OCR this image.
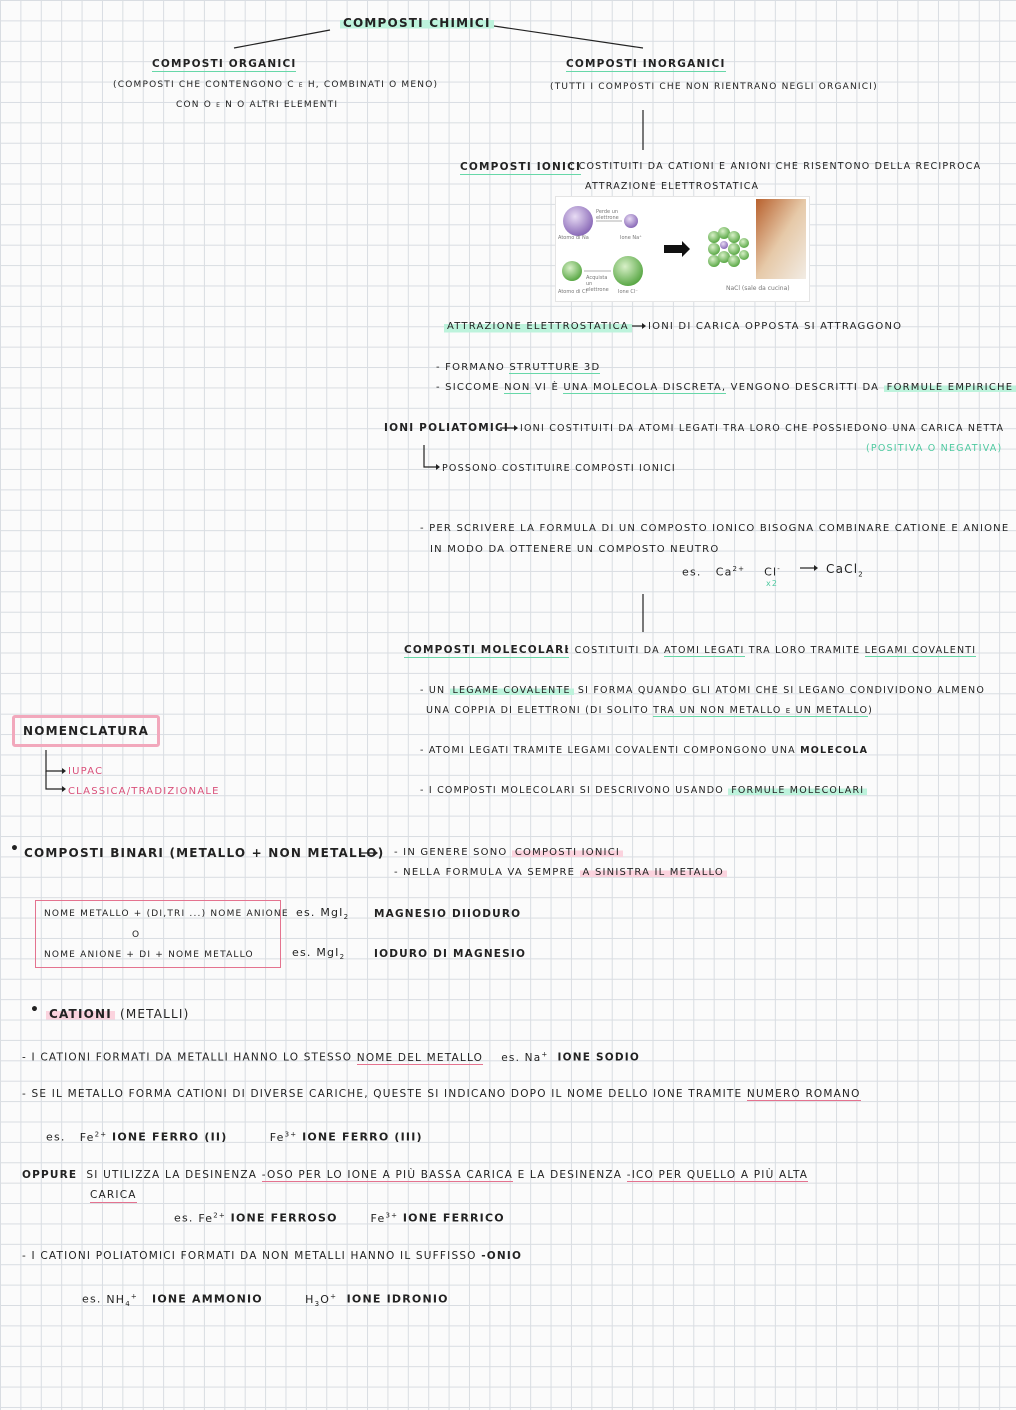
COMPOSTI CHIMICI
COMPOSTI ORGANICI
(COMPOSTI CHE CONTENGONO C e H, COMBINATI O MENO)
CON O e N O ALTRI ELEMENTI
COMPOSTI INORGANICI
(TUTTI I COMPOSTI CHE NON RIENTRANO NEGLI ORGANICI)
COMPOSTI IONICI
: COSTITUITI DA CATIONI E ANIONI CHE RISENTONO DELLA RECIPROCA
ATTRAZIONE ELETTROSTATICA
Atomo di Na	Ione Na⁺
Perde un elettrone
Atomo di Cl	Ione Cl⁻
Acquista un elettrone	NaCl (sale da cucina)
ATTRAZIONE ELETTROSTATICA	IONI DI CARICA OPPOSTA SI ATTRAGGONO
- FORMANO STRUTTURE 3D
- SICCOME NON VI È UNA MOLECOLA DISCRETA, VENGONO DESCRITTI DA FORMULE EMPIRICHE
IONI POLIATOMICI IONI COSTITUITI DA ATOMI LEGATI TRA LORO CHE POSSIEDONO UNA CARICA NETTA
(POSITIVA O NEGATIVA)
POSSONO COSTITUIRE COMPOSTI IONICI
- PER SCRIVERE LA FORMULA DI UN COMPOSTO IONICO BISOGNA COMBINARE CATIONE E ANIONE
IN MODO DA OTTENERE UN COMPOSTO NEUTRO
es. $Ca^{2+}$ Cl-
x2
CaCl$_2$
COMPOSTI MOLECOLARI
: COSTITUITI DA ATOMI LEGATI TRA LORO TRAMITE LEGAMI COVALENTI
- UN LEGAME COVALENTE SI FORMA QUANDO GLI ATOMI CHE SI LEGANO CONDIVIDONO ALMENO
UNA COPPIA DI ELETTRONI (DI SOLITO TRA UN NON METALLO e UN METALLO)
- ATOMI LEGATI TRAMITE LEGAMI COVALENTI COMPONGONO UNA MOLECOLA
- I COMPOSTI MOLECOLARI SI DESCRIVONO USANDO FORMULE MOLECOLARI
NOMENCLATURA
IUPAC
CLASSICA/TRADIZIONALE
• COMPOSTI BINARI (METALLO + NON METALLO) - IN GENERE SONO COMPOSTI IONICI
- NELLA FORMULA VA SEMPRE A SINISTRA IL METALLO
NOME METALLO + (DI,TRI ...) NOME ANIONE
O
NOME ANIONE + DI + NOME METALLO
es. MgI$_2$ MAGNESIO DIIODURO
es. MgI$_2$	IODURO DI MAGNESIO
• CATIONI (METALLI)
- I CATIONI FORMATI DA METALLI HANNO LO STESSO NOME DEL METALLO es. Na+ IONE SODIO
- SE IL METALLO FORMA CATIONI DI DIVERSE CARICHE, QUESTE SI INDICANO DOPO IL NOME DELLO IONE TRAMITE NUMERO ROMANO
es. $Fe^{2+}$ IONE FERRO (II)	$Fe^{3+}$ IONE FERRO (III)
OPPURE SI UTILIZZA LA DESINENZA -OSO PER LO IONE A PIÙ BASSA CARICA E LA DESINENZA -ICO PER QUELLO A PIÙ ALTA
CARICA
es. $Fe^{2+}$ IONE FERROSO	$Fe^{3+}$ IONE FERRICO
- I CATIONI POLIATOMICI FORMATI DA NON METALLI HANNO IL SUFFISSO -ONIO
es. $NH_4^+$ IONE AMMONIO	$H_3O^+$ IONE IDRONIO
